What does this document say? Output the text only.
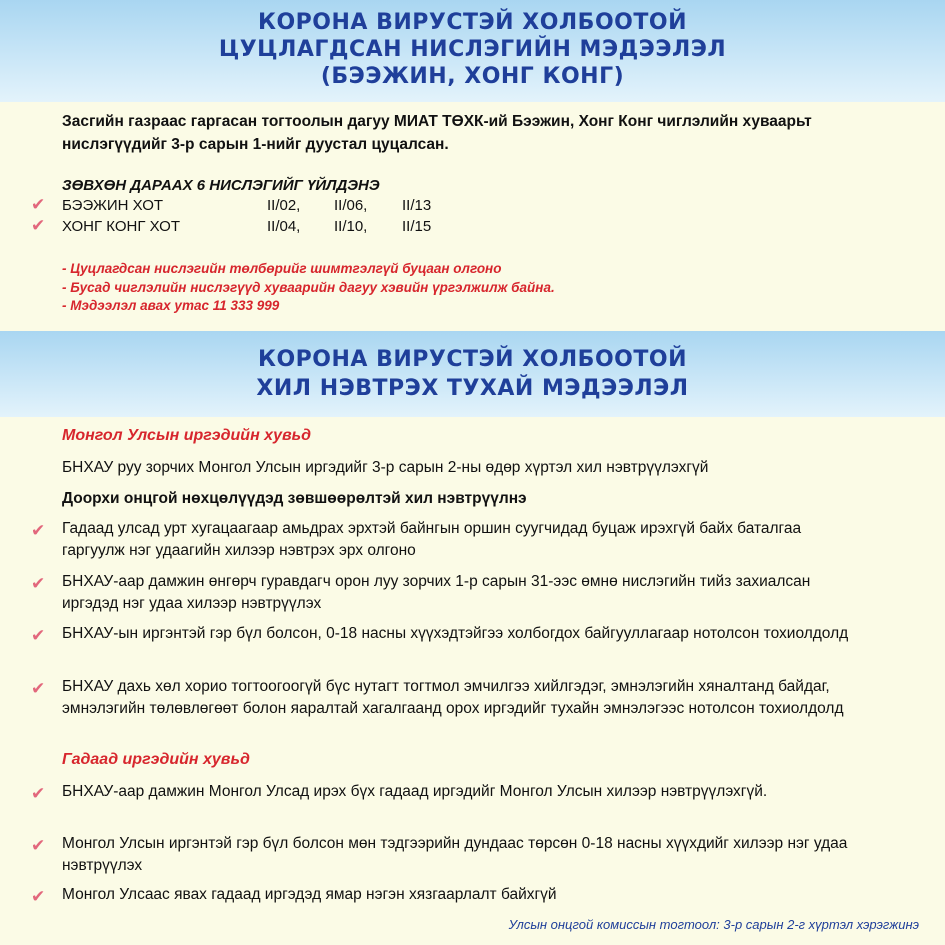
КОРОНА ВИРУСТЭЙ ХОЛБООТОЙ
ЦУЦЛАГДСАН НИСЛЭГИЙН МЭДЭЭЛЭЛ
(БЭЭЖИН, ХОНГ КОНГ)
Засгийн газраас гаргасан тогтоолын дагуу МИАТ ТӨХК-ий Бээжин, Хонг Конг чиглэлийн хуваарьт нислэгүүдийг 3-р сарын 1-нийг дуустал цуцалсан.
ЗӨВХӨН ДАРААХ 6 НИСЛЭГИЙГ ҮЙЛДЭНЭ
✔ БЭЭЖИН ХОТ	II/02, II/06, II/13
✔ ХОНГ КОНГ ХОТ	II/04, II/10, II/15
- Цуцлагдсан нислэгийн төлбөрийг шимтгэлгүй буцаан олгоно
- Бусад чиглэлийн нислэгүүд хуваарийн дагуу хэвийн үргэлжилж байна.
- Мэдээлэл авах утас 11 333 999
КОРОНА ВИРУСТЭЙ ХОЛБООТОЙ
ХИЛ НЭВТРЭХ ТУХАЙ МЭДЭЭЛЭЛ
Монгол Улсын иргэдийн хувьд
БНХАУ руу зорчих Монгол Улсын иргэдийг 3-р сарын 2-ны өдөр хүртэл хил нэвтрүүлэхгүй
Доорхи онцгой нөхцөлүүдэд зөвшөөрөлтэй хил нэвтрүүлнэ
✔ Гадаад улсад урт хугацаагаар амьдрах эрхтэй байнгын оршин суугчидад буцаж ирэхгүй байх баталгаа гаргуулж нэг удаагийн хилээр нэвтрэх эрх олгоно
✔ БНХАУ-аар дамжин өнгөрч гуравдагч орон луу зорчих 1-р сарын 31-ээс өмнө нислэгийн тийз захиалсан иргэдэд нэг удаа хилээр нэвтрүүлэх
✔ БНХАУ-ын иргэнтэй гэр бүл болсон, 0-18 насны хүүхэдтэйгээ холбогдох байгууллагаар нотолсон тохиолдолд
✔ БНХАУ дахь хөл хорио тогтоогоогүй бүс нутагт тогтмол эмчилгээ хийлгэдэг, эмнэлэгийн хяналтанд байдаг, эмнэлэгийн төлөвлөгөөт болон яаралтай хагалгаанд орох иргэдийг тухайн эмнэлэгээс нотолсон тохиолдолд
Гадаад иргэдийн хувьд
✔ БНХАУ-аар дамжин Монгол Улсад ирэх бүх гадаад иргэдийг Монгол Улсын хилээр нэвтрүүлэхгүй.
✔ Монгол Улсын иргэнтэй гэр бүл болсон мөн тэдгээрийн дундаас төрсөн 0-18 насны хүүхдийг хилээр нэг удаа нэвтрүүлэх
✔ Монгол Улсаас явах гадаад иргэдэд ямар нэгэн хязгаарлалт байхгүй
Улсын онцгой комиссын тогтоол: 3-р сарын 2-г хүртэл хэрэгжинэ
